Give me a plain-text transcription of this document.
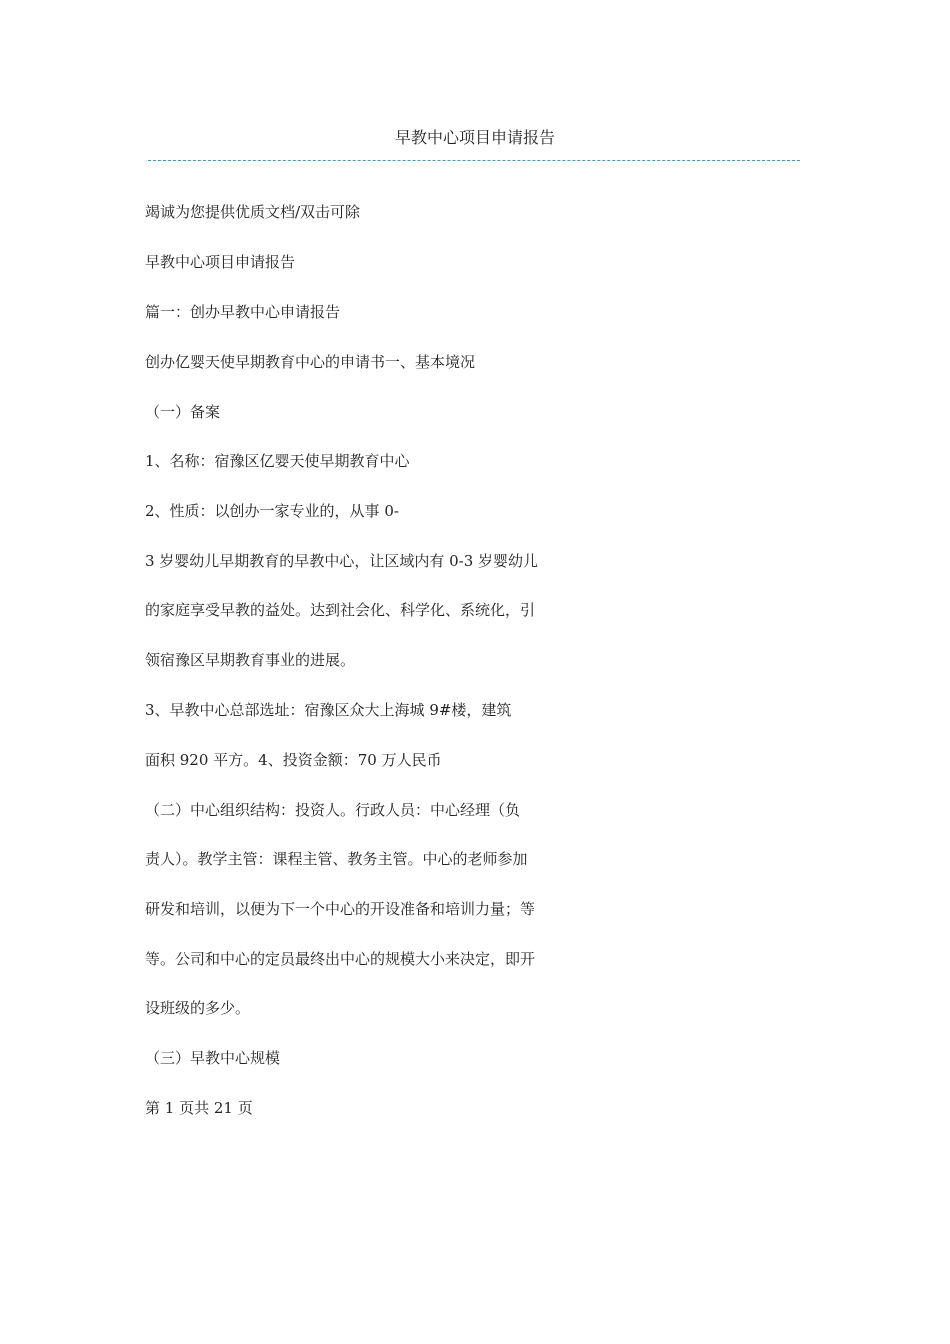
早教中心项目申请报告
竭诚为您提供优质文档/双击可除
早教中心项目申请报告
篇一：创办早教中心申请报告
创办亿婴天使早期教育中心的申请书一、基本境况
（一）备案
1、名称：宿豫区亿婴天使早期教育中心
2、性质：以创办一家专业的，从事 0-
3 岁婴幼儿早期教育的早教中心，让区域内有 0-3 岁婴幼儿
的家庭享受早教的益处。达到社会化、科学化、系统化，引
领宿豫区早期教育事业的进展。
3、早教中心总部选址：宿豫区众大上海城 9#楼，建筑
面积 920 平方。4、投资金额：70 万人民币
（二）中心组织结构：投资人。行政人员：中心经理（负
责人）。教学主管：课程主管、教务主管。中心的老师参加
研发和培训，以便为下一个中心的开设准备和培训力量；等
等。公司和中心的定员最终出中心的规模大小来决定，即开
设班级的多少。
（三）早教中心规模
第 1 页共 21 页
